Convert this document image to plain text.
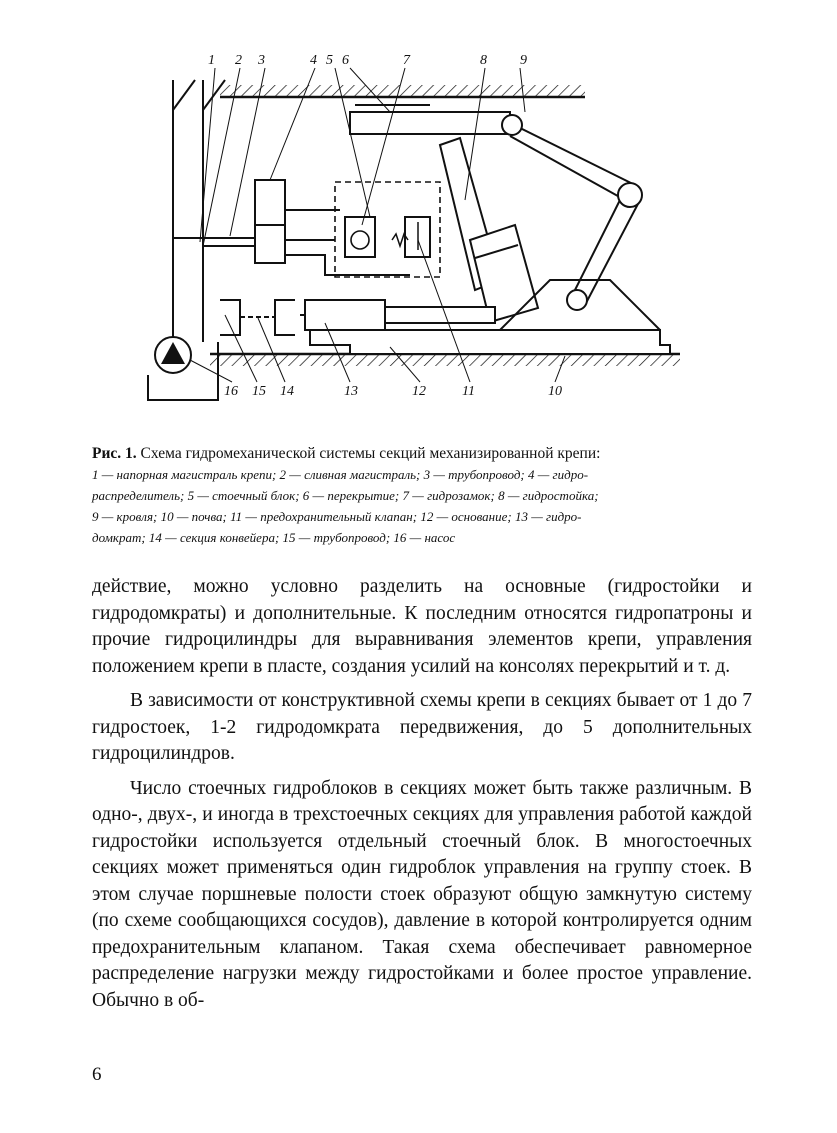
1 2 3	4 5 6	7	8 9
16 15 14	13	12	11	10

Рис. 1. Схема гидромеханической системы секций механизированной крепи:

1 — напорная магистраль крепи; 2 — сливная магистраль; 3 — трубопровод; 4 — гидро-

распределитель; 5 — стоечный блок; 6 — перекрытие; 7 — гидрозамок; 8 — гидростойка;

9 — кровля; 10 — почва; 11 — предохранительный клапан; 12 — основание; 13 — гидро-

домкрат; 14 — секция конвейера; 15 — трубопровод; 16 — насос

действие, можно условно разделить на основные (гидростойки и гидродомкраты) и дополнительные. К последним относятся гидропатроны и прочие гидроцилиндры для выравнивания элементов крепи, управления положением крепи в пласте, создания усилий на консолях перекрытий и т. д.

В зависимости от конструктивной схемы крепи в секциях бывает от 1 до 7 гидростоек, 1-2 гидродомкрата передвижения, до 5 дополнительных гидроцилиндров.

Число стоечных гидроблоков в секциях может быть также различным. В одно-, двух-, и иногда в трехстоечных секциях для управления работой каждой гидростойки используется отдельный стоечный блок. В многостоечных секциях может применяться один гидроблок управления на группу стоек. В этом случае поршневые полости стоек образуют общую замкнутую систему (по схеме сообщающихся сосудов), давление в которой контролируется одним предохранительным клапаном. Такая схема обеспечивает равномерное распределение нагрузки между гидростойками и более простое управление. Обычно в об-

6
